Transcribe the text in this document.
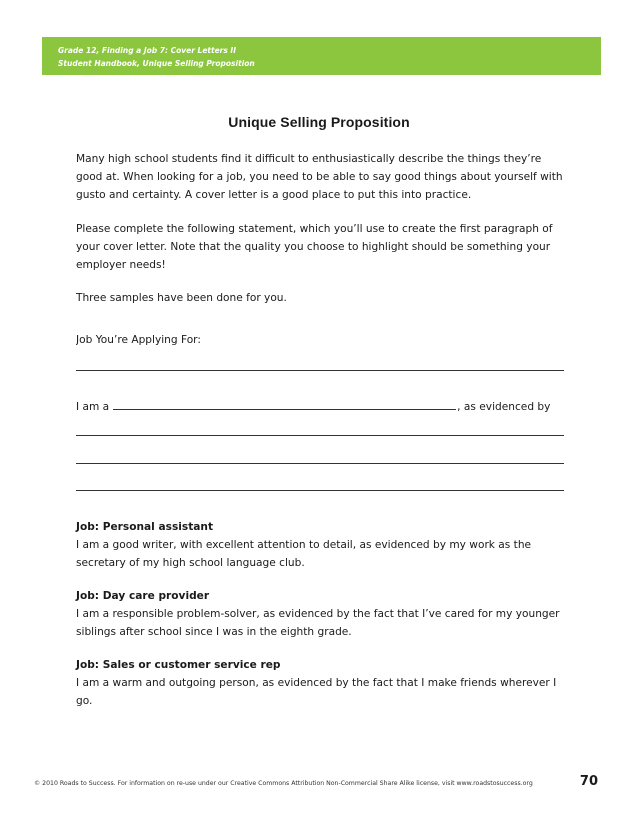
Grade 12, Finding a Job 7: Cover Letters II
Student Handbook, Unique Selling Proposition
Unique Selling Proposition
Many high school students find it difficult to enthusiastically describe the things they’re good at. When looking for a job, you need to be able to say good things about yourself with gusto and certainty. A cover letter is a good place to put this into practice.
Please complete the following statement, which you’ll use to create the first paragraph of your cover letter. Note that the quality you choose to highlight should be something your employer needs!
Three samples have been done for you.
Job You’re Applying For:
I am a	, as evidenced by
Job: Personal assistant
I am a good writer, with excellent attention to detail, as evidenced by my work as the secretary of my high school language club.
Job: Day care provider
I am a responsible problem-solver, as evidenced by the fact that I’ve cared for my younger siblings after school since I was in the eighth grade.
Job: Sales or customer service rep
I am a warm and outgoing person, as evidenced by the fact that I make friends wherever I go.
© 2010 Roads to Success. For information on re-use under our Creative Commons Attribution Non-Commercial Share Alike license, visit www.roadstosuccess.org	70
